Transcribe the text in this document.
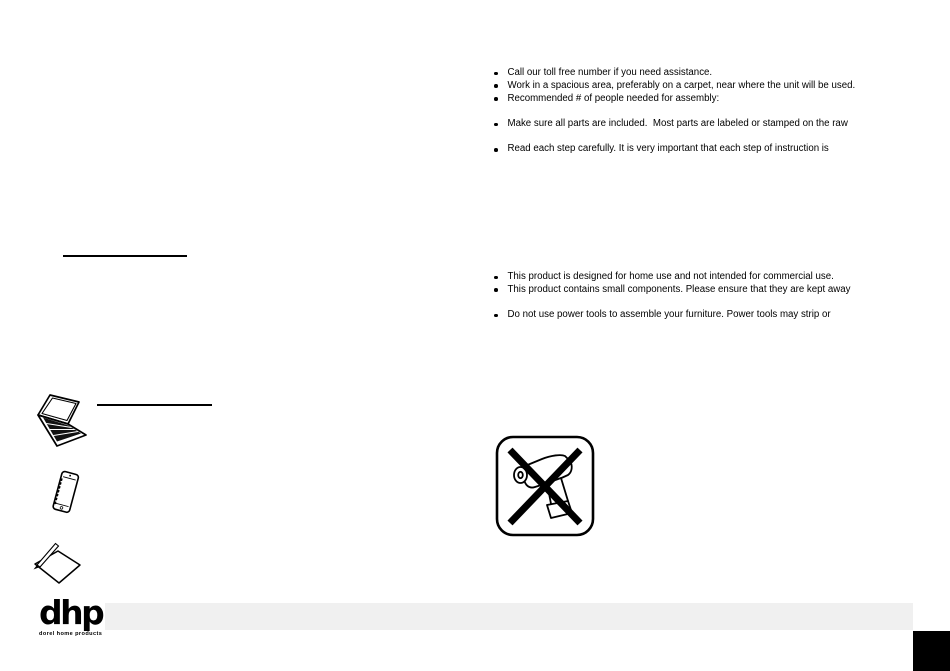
Call our toll free number if you need assistance.
Work in a spacious area, preferably on a carpet, near where the unit will be used.
Recommended # of people needed for assembly:
Make sure all parts are included.  Most parts are labeled or stamped on the raw
Read each step carefully. It is very important that each step of instruction is
This product is designed for home use and not intended for commercial use.
This product contains small components. Please ensure that they are kept away
Do not use power tools to assemble your furniture. Power tools may strip or
dhp
dorel home products
